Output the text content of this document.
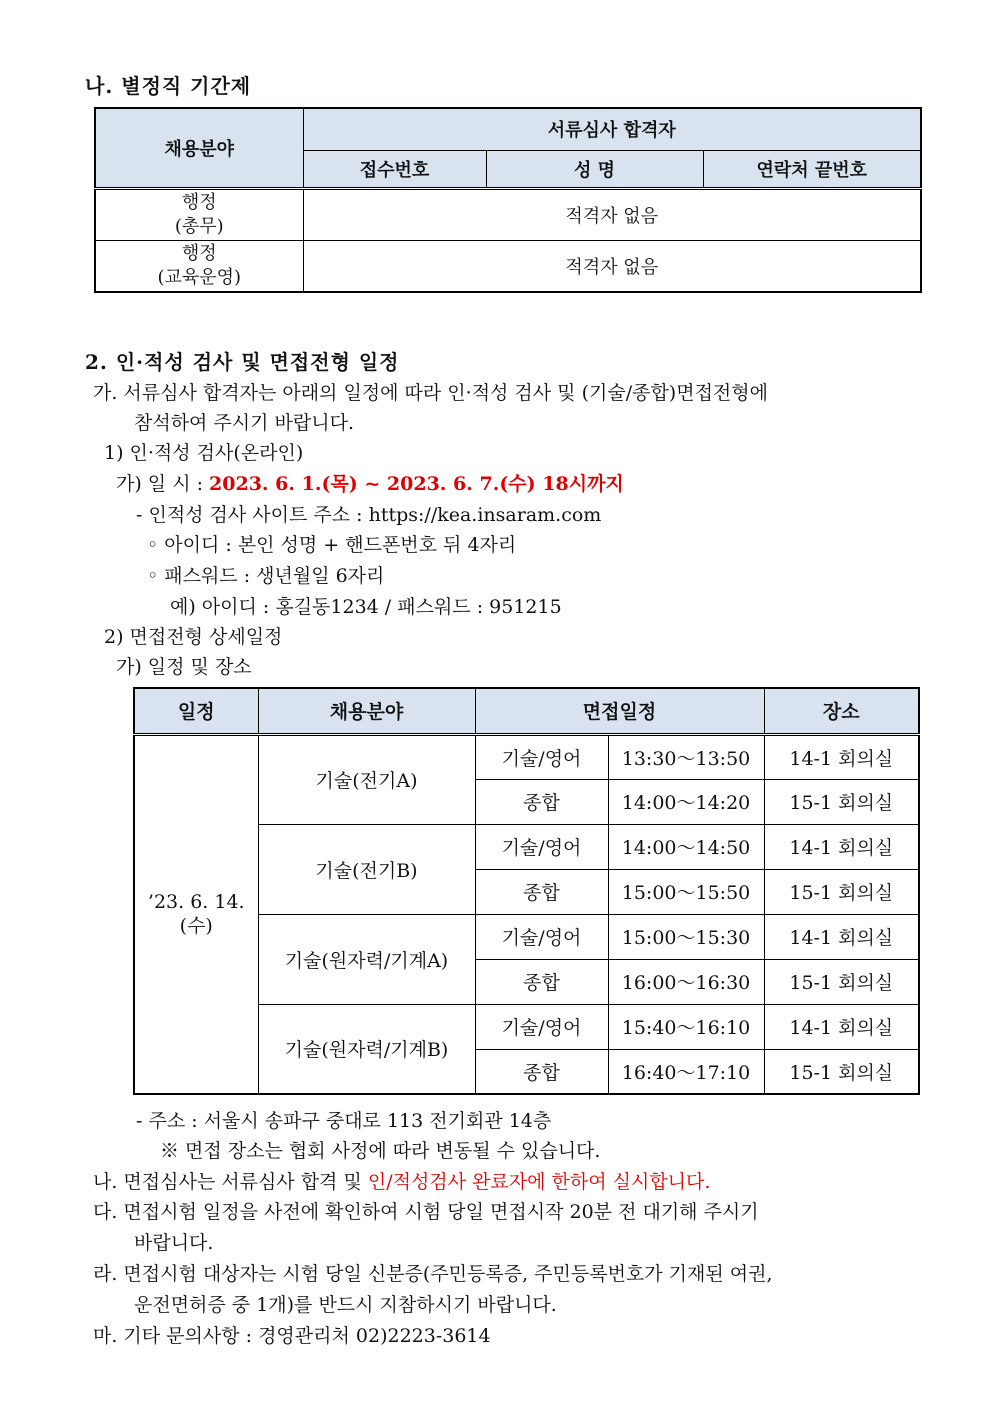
나. 별정직 기간제
채용분야	서류심사 합격자		
	접수번호	성 명	연락처 끝번호
행정
(총무)	적격자 없음		
행정
(교육운영)	적격자 없음		
2. 인·적성 검사 및 면접전형 일정
가. 서류심사 합격자는 아래의 일정에 따라 인·적성 검사 및 (기술/종합)면접전형에
참석하여 주시기 바랍니다.
1) 인·적성 검사(온라인)
가) 일 시 : 2023. 6. 1.(목) ~ 2023. 6. 7.(수) 18시까지
- 인적성 검사 사이트 주소 : https://kea.insaram.com
◦ 아이디 : 본인 성명 + 핸드폰번호 뒤 4자리
◦ 패스워드 : 생년월일 6자리
예) 아이디 : 홍길동1234 / 패스워드 : 951215
2) 면접전형 상세일정
가) 일정 및 장소
일정	채용분야	면접일정		장소
’23. 6. 14.
(수)	기술(전기A)	기술/영어	13:30～13:50	14-1 회의실
		종합	14:00～14:20	15-1 회의실
	기술(전기B)	기술/영어	14:00～14:50	14-1 회의실
		종합	15:00～15:50	15-1 회의실
	기술(원자력/기계A)	기술/영어	15:00～15:30	14-1 회의실
		종합	16:00～16:30	15-1 회의실
	기술(원자력/기계B)	기술/영어	15:40～16:10	14-1 회의실
		종합	16:40～17:10	15-1 회의실
- 주소 : 서울시 송파구 중대로 113 전기회관 14층
※ 면접 장소는 협회 사정에 따라 변동될 수 있습니다.
나. 면접심사는 서류심사 합격 및 인/적성검사 완료자에 한하여 실시합니다.
다. 면접시험 일정을 사전에 확인하여 시험 당일 면접시작 20분 전 대기해 주시기
바랍니다.
라. 면접시험 대상자는 시험 당일 신분증(주민등록증, 주민등록번호가 기재된 여권,
운전면허증 중 1개)를 반드시 지참하시기 바랍니다.
마. 기타 문의사항 : 경영관리처 02)2223-3614
